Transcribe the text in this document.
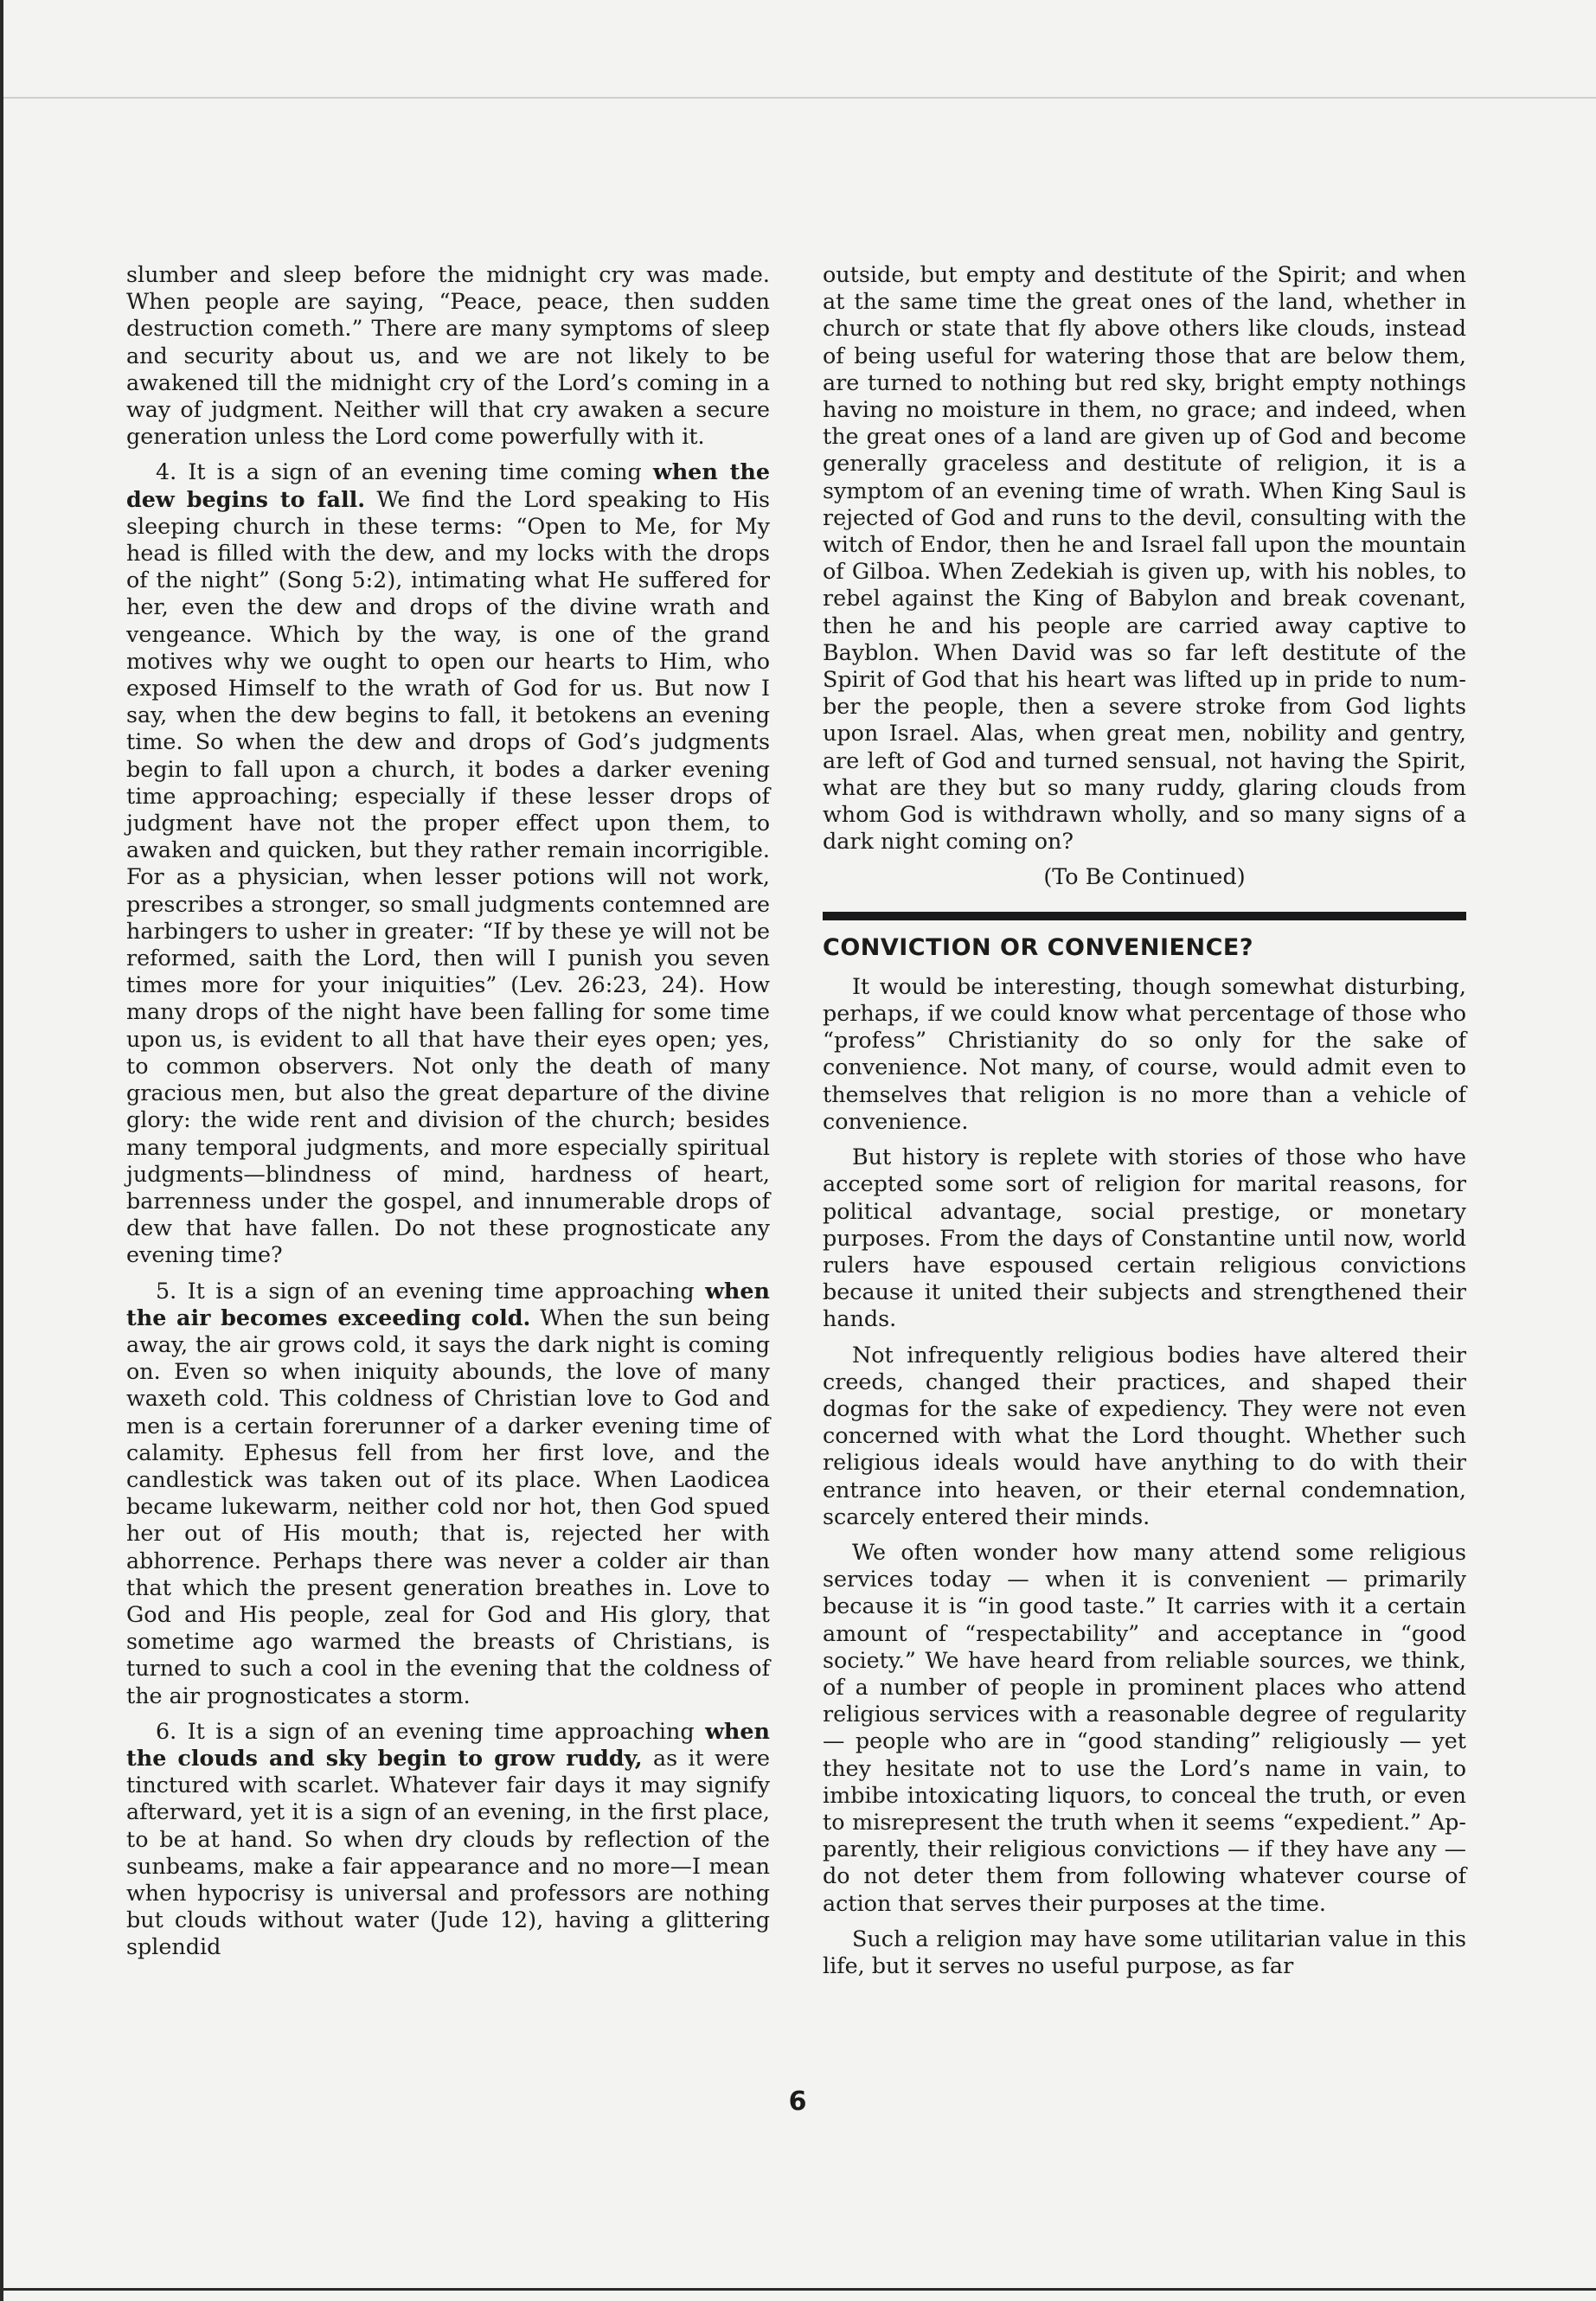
slumber and sleep before the midnight cry was made. When people are saying, “Peace, peace, then sudden destruction cometh.” There are many symptoms of sleep and security about us, and we are not likely to be awakened till the midnight cry of the Lord’s coming in a way of judgment. Neither will that cry awaken a secure generation unless the Lord come powerfully with it.

4. It is a sign of an evening time coming when the dew begins to fall. We find the Lord speaking to His sleeping church in these terms: “Open to Me, for My head is filled with the dew, and my locks with the drops of the night” (Song 5:2), intimating what He suffered for her, even the dew and drops of the divine wrath and vengeance. Which by the way, is one of the grand motives why we ought to open our hearts to Him, who exposed Himself to the wrath of God for us. But now I say, when the dew begins to fall, it betokens an evening time. So when the dew and drops of God’s judgments begin to fall upon a church, it bodes a darker evening time approaching; especially if these lesser drops of judgment have not the proper effect upon them, to awaken and quicken, but they rather remain incorrigible. For as a physician, when lesser potions will not work, prescribes a stronger, so small judgments contemned are harbingers to usher in greater: “If by these ye will not be reformed, saith the Lord, then will I punish you seven times more for your iniquities” (Lev. 26:23, 24). How many drops of the night have been falling for some time upon us, is evident to all that have their eyes open; yes, to common observers. Not only the death of many gracious men, but also the great departure of the divine glory: the wide rent and division of the church; besides many temporal judgments, and more especially spiritual judgments—blindness of mind, hardness of heart, barrenness under the gospel, and innumerable drops of dew that have fallen. Do not these prognosticate any evening time?

5. It is a sign of an evening time approaching when the air becomes exceeding cold. When the sun being away, the air grows cold, it says the dark night is coming on. Even so when iniquity abounds, the love of many waxeth cold. This coldness of Christian love to God and men is a certain forerunner of a darker evening time of calamity. Ephesus fell from her first love, and the candlestick was taken out of its place. When Laodicea became lukewarm, neither cold nor hot, then God spued her out of His mouth; that is, rejected her with abhorrence. Perhaps there was never a colder air than that which the present generation breathes in. Love to God and His people, zeal for God and His glory, that sometime ago warmed the breasts of Christians, is turned to such a cool in the evening that the coldness of the air prognosticates a storm.

6. It is a sign of an evening time approaching when the clouds and sky begin to grow ruddy, as it were tinctured with scarlet. Whatever fair days it may signify afterward, yet it is a sign of an evening, in the first place, to be at hand. So when dry clouds by reflection of the sunbeams, make a fair appearance and no more—I mean when hypocrisy is universal and professors are nothing but clouds without water (Jude 12), having a glittering splendid

outside, but empty and destitute of the Spirit; and when at the same time the great ones of the land, whether in church or state that fly above others like clouds, instead of being useful for watering those that are below them, are turned to nothing but red sky, bright empty nothings having no moisture in them, no grace; and indeed, when the great ones of a land are given up of God and become generally graceless and destitute of religion, it is a symptom of an evening time of wrath. When King Saul is rejected of God and runs to the devil, consulting with the witch of Endor, then he and Israel fall upon the mountain of Gilboa. When Zedekiah is given up, with his nobles, to rebel against the King of Babylon and break covenant, then he and his people are carried away captive to Bayblon. When David was so far left destitute of the Spirit of God that his heart was lifted up in pride to number the people, then a severe stroke from God lights upon Israel. Alas, when great men, nobility and gentry, are left of God and turned sensual, not having the Spirit, what are they but so many ruddy, glaring clouds from whom God is withdrawn wholly, and so many signs of a dark night coming on?

(To Be Continued)

CONVICTION OR CONVENIENCE?

It would be interesting, though somewhat disturbing, perhaps, if we could know what percentage of those who “profess” Christianity do so only for the sake of convenience. Not many, of course, would admit even to themselves that religion is no more than a vehicle of convenience.

But history is replete with stories of those who have accepted some sort of religion for marital reasons, for political advantage, social prestige, or monetary purposes. From the days of Constantine until now, world rulers have espoused certain religious convictions because it united their subjects and strengthened their hands.

Not infrequently religious bodies have altered their creeds, changed their practices, and shaped their dogmas for the sake of expediency. They were not even concerned with what the Lord thought. Whether such religious ideals would have anything to do with their entrance into heaven, or their eternal condemnation, scarcely entered their minds.

We often wonder how many attend some religious services today — when it is convenient — primarily because it is “in good taste.” It carries with it a certain amount of “respectability” and acceptance in “good society.” We have heard from reliable sources, we think, of a number of people in prominent places who attend religious services with a reasonable degree of regularity — people who are in “good standing” religiously — yet they hesitate not to use the Lord’s name in vain, to imbibe intoxicating liquors, to conceal the truth, or even to misrepresent the truth when it seems “expedient.” Apparently, their religious convictions — if they have any — do not deter them from following whatever course of action that serves their purposes at the time.

Such a religion may have some utilitarian value in this life, but it serves no useful purpose, as far

6
